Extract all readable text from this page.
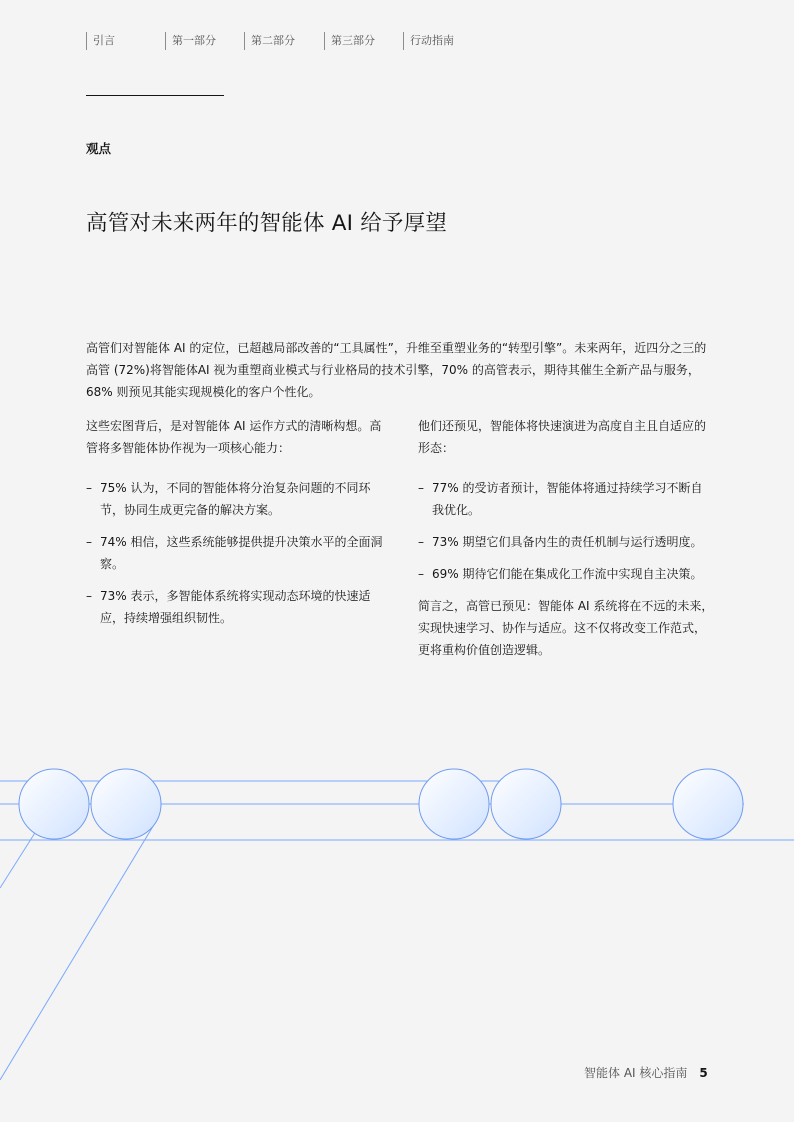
引言	第一部分	第二部分	第三部分	行动指南
观点
高管对未来两年的智能体 AI 给予厚望

高管们对智能体 AI 的定位，已超越局部改善的“工具属性”，升维至重塑业务的“转型引擎”。未来两年，近四分之三的高管 (72%)将智能体AI 视为重塑商业模式与行业格局的技术引擎，70% 的高管表示，期待其催生全新产品与服务，68% 则预见其能实现规模化的客户个性化。

这些宏图背后，是对智能体 AI 运作方式的清晰构想。高管将多智能体协作视为一项核心能力：

– 75% 认为，不同的智能体将分治复杂问题的不同环节，协同生成更完备的解决方案。
– 74% 相信，这些系统能够提供提升决策水平的全面洞察。
– 73% 表示，多智能体系统将实现动态环境的快速适应，持续增强组织韧性。

他们还预见，智能体将快速演进为高度自主且自适应的形态：

– 77% 的受访者预计，智能体将通过持续学习不断自我优化。
– 73% 期望它们具备内生的责任机制与运行透明度。
– 69% 期待它们能在集成化工作流中实现自主决策。

简言之，高管已预见：智能体 AI 系统将在不远的未来，实现快速学习、协作与适应。这不仅将改变工作范式，更将重构价值创造逻辑。

智能体 AI 核心指南 5
